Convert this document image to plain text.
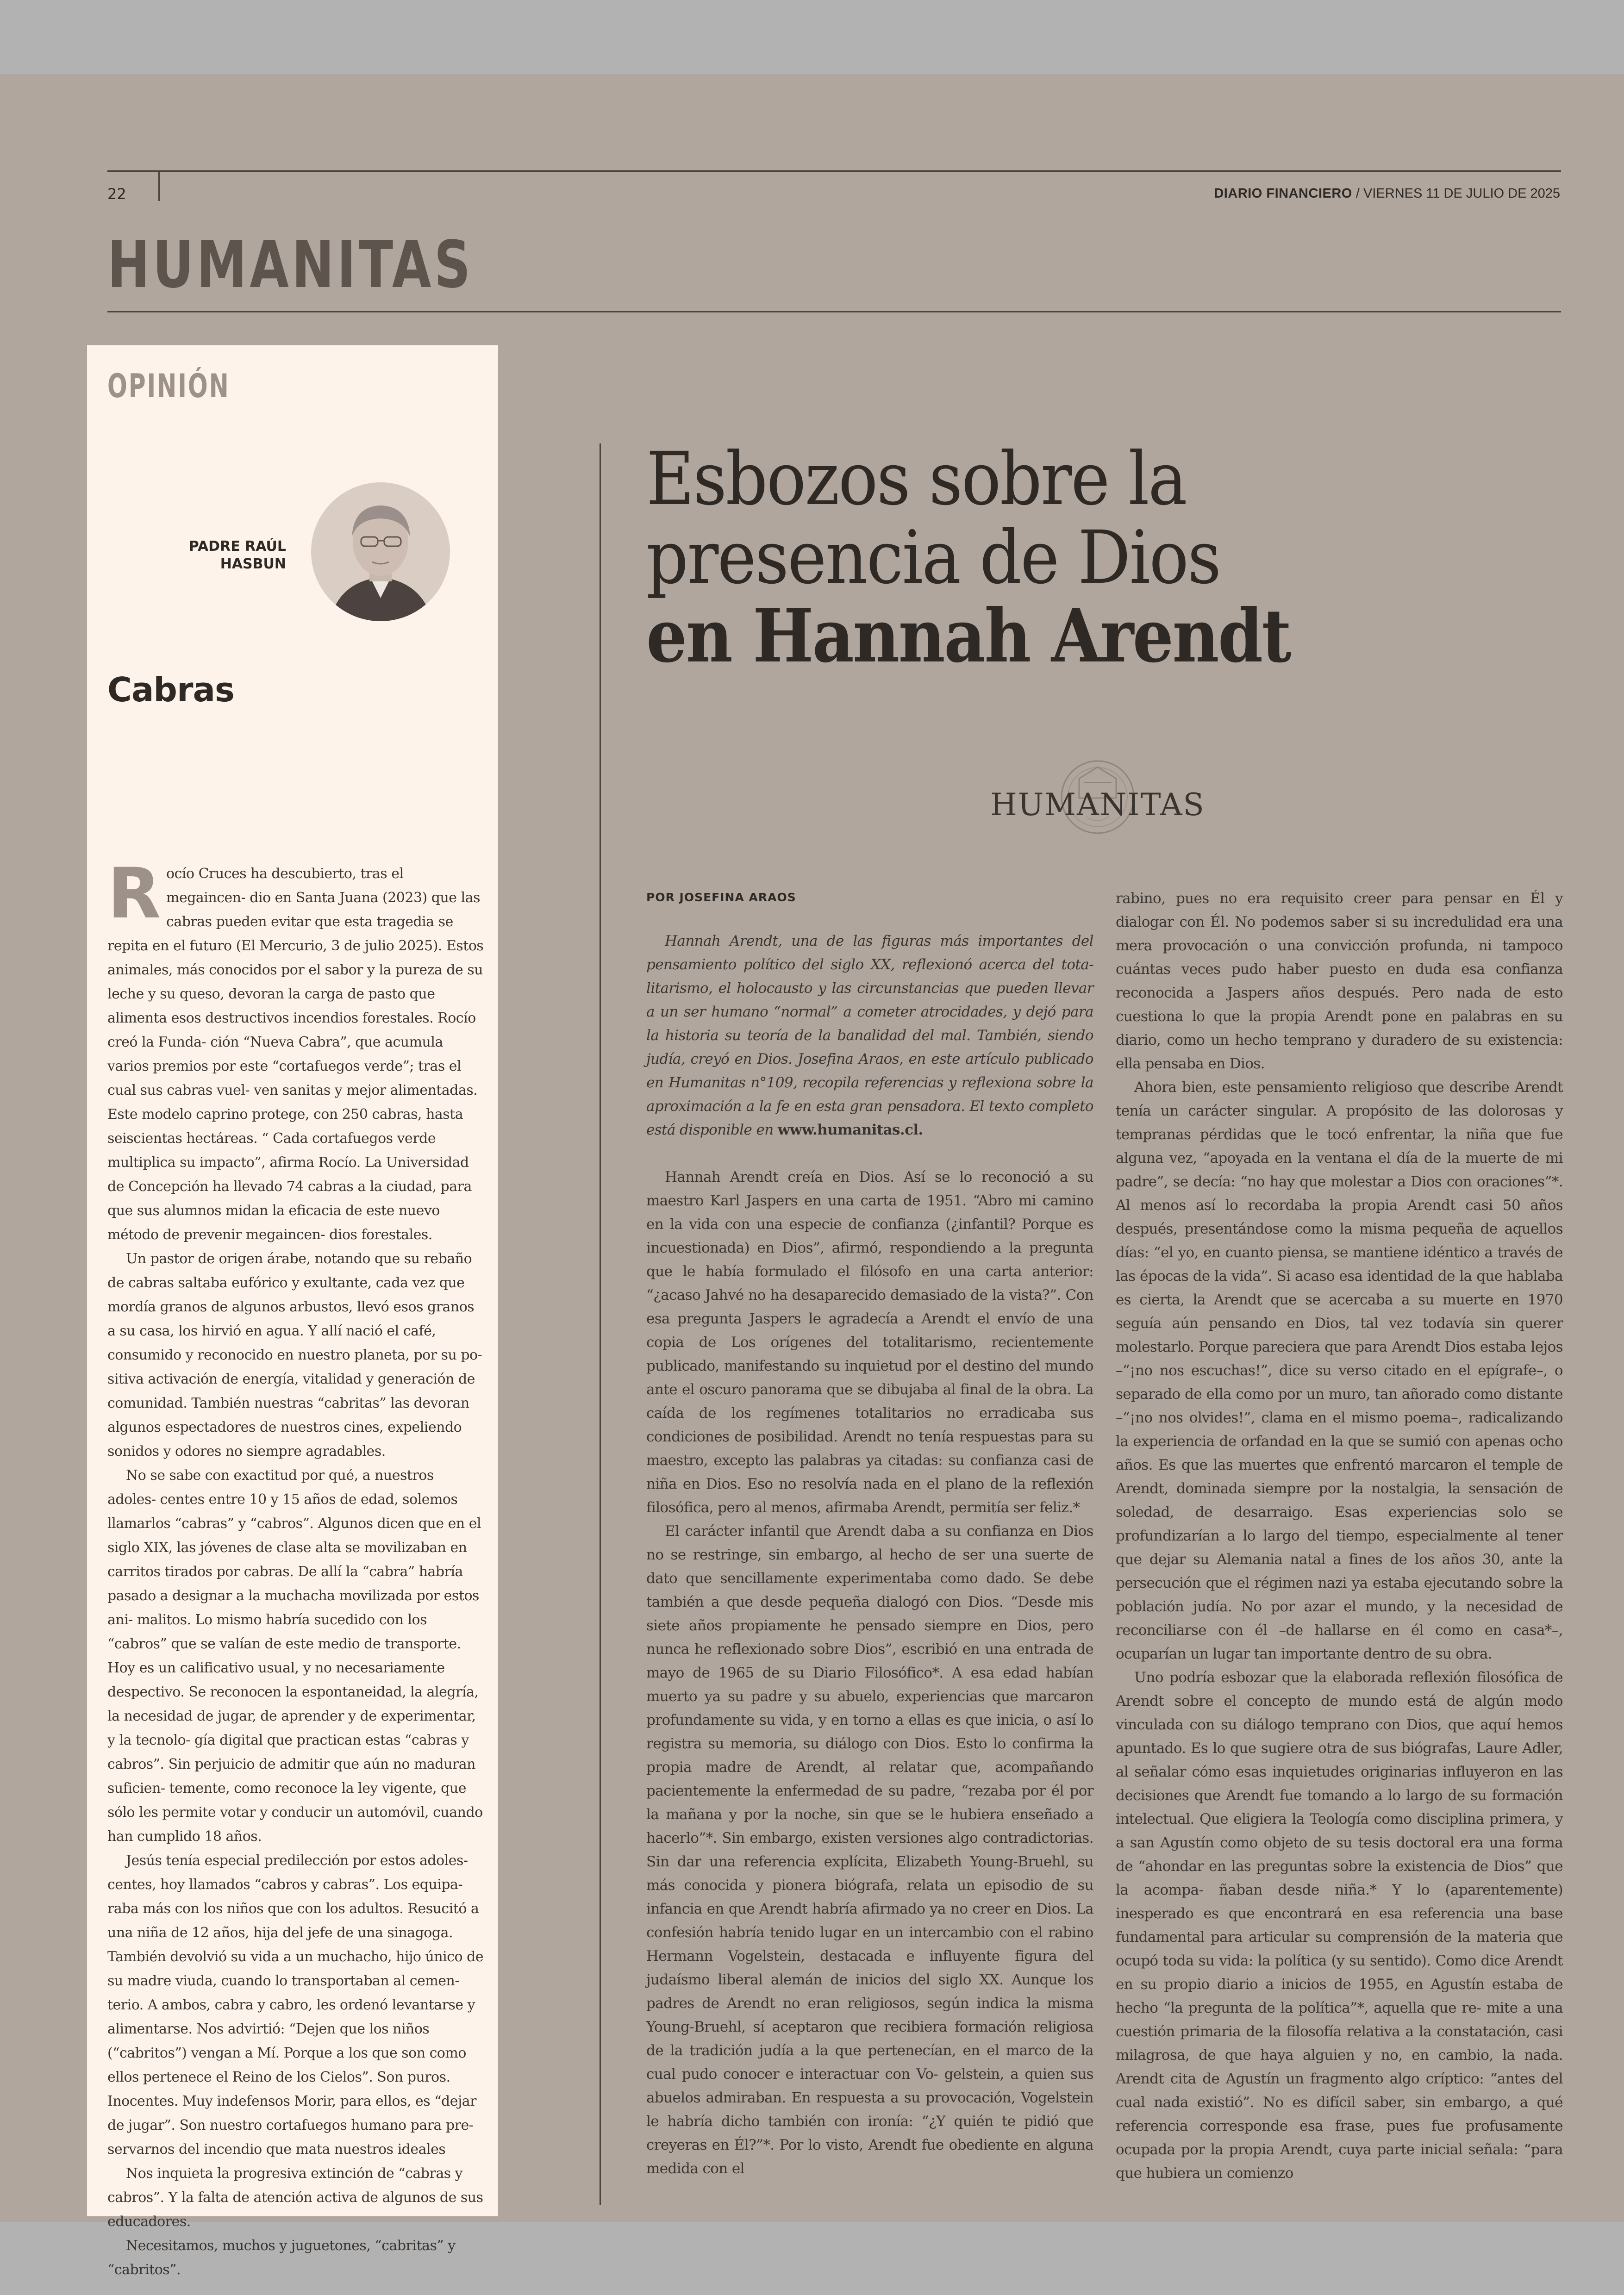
22	DIARIO FINANCIERO / VIERNES 11 DE JULIO DE 2025
HUMANITAS
OPINIÓN
PADRE RAÚL
HASBUN
Cabras

Rocío Cruces ha descubierto, tras el megaincen- dio en Santa Juana (2023) que las cabras pueden evitar que esta tragedia se repita en el futuro (El Mercurio, 3 de julio 2025). Estos animales, más conocidos por el sabor y la pureza de su leche y su queso, devoran la carga de pasto que alimenta esos destructivos incendios forestales. Rocío creó la Funda- ción “Nueva Cabra”, que acumula varios premios por este “cortafuegos verde”; tras el cual sus cabras vuel- ven sanitas y mejor alimentadas. Este modelo caprino protege, con 250 cabras, hasta seiscientas hectáreas. “ Cada cortafuegos verde multiplica su impacto”, afirma Rocío. La Universidad de Concepción ha llevado 74 cabras a la ciudad, para que sus alumnos midan la eficacia de este nuevo método de prevenir megaincen- dios forestales.

Un pastor de origen árabe, notando que su rebaño de cabras saltaba eufórico y exultante, cada vez que mordía granos de algunos arbustos, llevó esos granos a su casa, los hirvió en agua. Y allí nació el café, consumido y reconocido en nuestro planeta, por su po- sitiva activación de energía, vitalidad y generación de comunidad. También nuestras “cabritas” las devoran algunos espectadores de nuestros cines, expeliendo sonidos y odores no siempre agradables.

No se sabe con exactitud por qué, a nuestros adoles- centes entre 10 y 15 años de edad, solemos llamarlos “cabras” y “cabros”. Algunos dicen que en el siglo XIX, las jóvenes de clase alta se movilizaban en carritos tirados por cabras. De allí la “cabra” habría pasado a designar a la muchacha movilizada por estos ani- malitos. Lo mismo habría sucedido con los “cabros” que se valían de este medio de transporte. Hoy es un calificativo usual, y no necesariamente despectivo. Se reconocen la espontaneidad, la alegría, la necesidad de jugar, de aprender y de experimentar, y la tecnolo- gía digital que practican estas “cabras y cabros”. Sin perjuicio de admitir que aún no maduran suficien- temente, como reconoce la ley vigente, que sólo les permite votar y conducir un automóvil, cuando han cumplido 18 años.

Jesús tenía especial predilección por estos adoles- centes, hoy llamados “cabros y cabras”. Los equipa- raba más con los niños que con los adultos. Resucitó a una niña de 12 años, hija del jefe de una sinagoga. También devolvió su vida a un muchacho, hijo único de su madre viuda, cuando lo transportaban al cemen- terio. A ambos, cabra y cabro, les ordenó levantarse y alimentarse. Nos advirtió: “Dejen que los niños (“cabritos”) vengan a Mí. Porque a los que son como ellos pertenece el Reino de los Cielos”. Son puros. Inocentes. Muy indefensos Morir, para ellos, es “dejar de jugar”. Son nuestro cortafuegos humano para pre- servarnos del incendio que mata nuestros ideales

Nos inquieta la progresiva extinción de “cabras y cabros”. Y la falta de atención activa de algunos de sus educadores.

Necesitamos, muchos y juguetones, “cabritas” y “cabritos”.

Esbozos sobre la
presencia de Dios
en Hannah Arendt
HUMANITAS
POR JOSEFINA ARAOS

Hannah Arendt, una de las figuras más importantes del pensamiento político del siglo XX, reflexionó acerca del tota- litarismo, el holocausto y las circunstancias que pueden llevar a un ser humano “normal” a cometer atrocidades, y dejó para la historia su teoría de la banalidad del mal. También, siendo judía, creyó en Dios. Josefina Araos, en este artículo publicado en Humanitas n°109, recopila referencias y reflexiona sobre la aproximación a la fe en esta gran pensadora. El texto completo está disponible en www.humanitas.cl.

Hannah Arendt creía en Dios. Así se lo reconoció a su maestro Karl Jaspers en una carta de 1951. “Abro mi camino en la vida con una especie de confianza (¿infantil? Porque es incuestionada) en Dios”, afirmó, respondiendo a la pregunta que le había formulado el filósofo en una carta anterior: “¿acaso Jahvé no ha desaparecido demasiado de la vista?”. Con esa pregunta Jaspers le agradecía a Arendt el envío de una copia de Los orígenes del totalitarismo, recientemente publicado, manifestando su inquietud por el destino del mundo ante el oscuro panorama que se dibujaba al final de la obra. La caída de los regímenes totalitarios no erradicaba sus condiciones de posibilidad. Arendt no tenía respuestas para su maestro, excepto las palabras ya citadas: su confianza casi de niña en Dios. Eso no resolvía nada en el plano de la reflexión filosófica, pero al menos, afirmaba Arendt, permitía ser feliz.*

El carácter infantil que Arendt daba a su confianza en Dios no se restringe, sin embargo, al hecho de ser una suerte de dato que sencillamente experimentaba como dado. Se debe también a que desde pequeña dialogó con Dios. “Desde mis siete años propiamente he pensado siempre en Dios, pero nunca he reflexionado sobre Dios”, escribió en una entrada de mayo de 1965 de su Diario Filosófico*. A esa edad habían muerto ya su padre y su abuelo, experiencias que marcaron profundamente su vida, y en torno a ellas es que inicia, o así lo registra su memoria, su diálogo con Dios. Esto lo confirma la propia madre de Arendt, al relatar que, acompañando pacientemente la enfermedad de su padre, “rezaba por él por la mañana y por la noche, sin que se le hubiera enseñado a hacerlo”*. Sin embargo, existen versiones algo contradictorias. Sin dar una referencia explícita, Elizabeth Young-Bruehl, su más conocida y pionera biógrafa, relata un episodio de su infancia en que Arendt habría afirmado ya no creer en Dios. La confesión habría tenido lugar en un intercambio con el rabino Hermann Vogelstein, destacada e influyente figura del judaísmo liberal alemán de inicios del siglo XX. Aunque los padres de Arendt no eran religiosos, según indica la misma Young-Bruehl, sí aceptaron que recibiera formación religiosa de la tradición judía a la que pertenecían, en el marco de la cual pudo conocer e interactuar con Vo- gelstein, a quien sus abuelos admiraban. En respuesta a su provocación, Vogelstein le habría dicho también con ironía: “¿Y quién te pidió que creyeras en Él?”*. Por lo visto, Arendt fue obediente en alguna medida con el

rabino, pues no era requisito creer para pensar en Él y dialogar con Él. No podemos saber si su incredulidad era una mera provocación o una convicción profunda, ni tampoco cuántas veces pudo haber puesto en duda esa confianza reconocida a Jaspers años después. Pero nada de esto cuestiona lo que la propia Arendt pone en palabras en su diario, como un hecho temprano y duradero de su existencia: ella pensaba en Dios.

Ahora bien, este pensamiento religioso que describe Arendt tenía un carácter singular. A propósito de las dolorosas y tempranas pérdidas que le tocó enfrentar, la niña que fue alguna vez, “apoyada en la ventana el día de la muerte de mi padre”, se decía: “no hay que molestar a Dios con oraciones”*. Al menos así lo recordaba la propia Arendt casi 50 años después, presentándose como la misma pequeña de aquellos días: “el yo, en cuanto piensa, se mantiene idéntico a través de las épocas de la vida”. Si acaso esa identidad de la que hablaba es cierta, la Arendt que se acercaba a su muerte en 1970 seguía aún pensando en Dios, tal vez todavía sin querer molestarlo. Porque pareciera que para Arendt Dios estaba lejos –“¡no nos escuchas!”, dice su verso citado en el epígrafe–, o separado de ella como por un muro, tan añorado como distante –“¡no nos olvides!”, clama en el mismo poema–, radicalizando la experiencia de orfandad en la que se sumió con apenas ocho años. Es que las muertes que enfrentó marcaron el temple de Arendt, dominada siempre por la nostalgia, la sensación de soledad, de desarraigo. Esas experiencias solo se profundizarían a lo largo del tiempo, especialmente al tener que dejar su Alemania natal a fines de los años 30, ante la persecución que el régimen nazi ya estaba ejecutando sobre la población judía. No por azar el mundo, y la necesidad de reconciliarse con él –de hallarse en él como en casa*–, ocuparían un lugar tan importante dentro de su obra.

Uno podría esbozar que la elaborada reflexión filosófica de Arendt sobre el concepto de mundo está de algún modo vinculada con su diálogo temprano con Dios, que aquí hemos apuntado. Es lo que sugiere otra de sus biógrafas, Laure Adler, al señalar cómo esas inquietudes originarias influyeron en las decisiones que Arendt fue tomando a lo largo de su formación intelectual. Que eligiera la Teología como disciplina primera, y a san Agustín como objeto de su tesis doctoral era una forma de “ahondar en las preguntas sobre la existencia de Dios” que la acompa- ñaban desde niña.* Y lo (aparentemente) inesperado es que encontrará en esa referencia una base fundamental para articular su comprensión de la materia que ocupó toda su vida: la política (y su sentido). Como dice Arendt en su propio diario a inicios de 1955, en Agustín estaba de hecho “la pregunta de la política”*, aquella que re- mite a una cuestión primaria de la filosofía relativa a la constatación, casi milagrosa, de que haya alguien y no, en cambio, la nada. Arendt cita de Agustín un fragmento algo críptico: “antes del cual nada existió”. No es difícil saber, sin embargo, a qué referencia corresponde esa frase, pues fue profusamente ocupada por la propia Arendt, cuya parte inicial señala: “para que hubiera un comienzo
